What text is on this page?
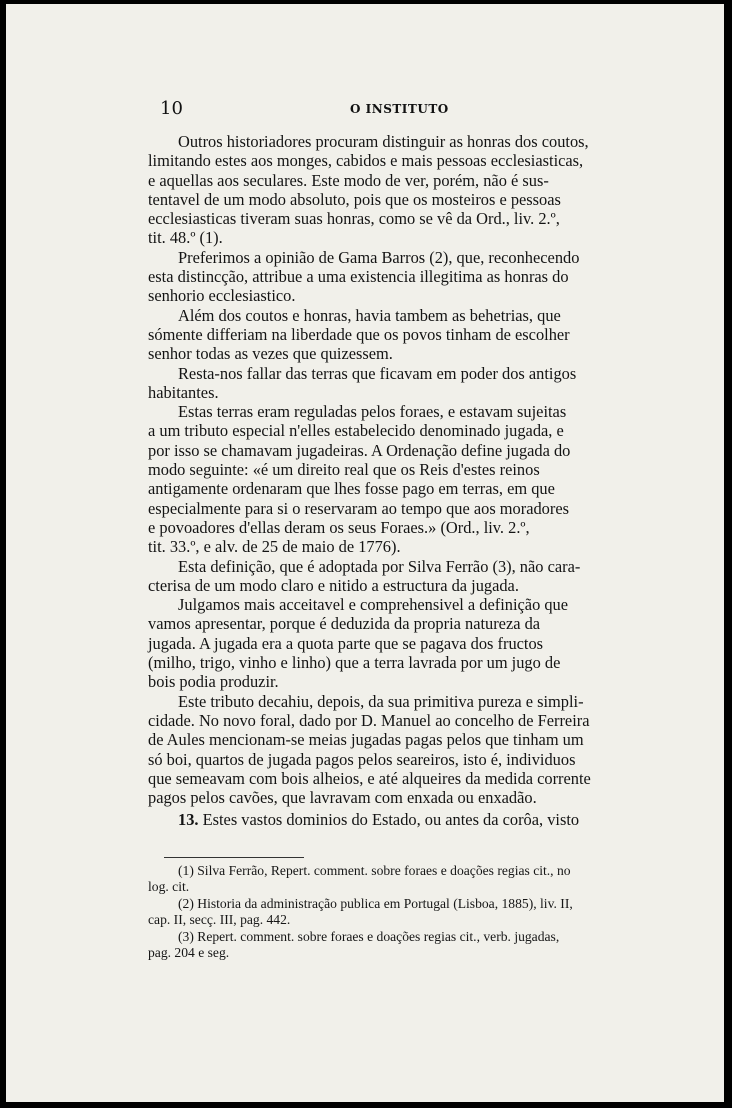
10	O INSTITUTO

Outros historiadores procuram distinguir as honras dos coutos,
limitando estes aos monges, cabidos e mais pessoas ecclesiasticas,
e aquellas aos seculares. Este modo de ver, porém, não é sus-
tentavel de um modo absoluto, pois que os mosteiros e pessoas
ecclesiasticas tiveram suas honras, como se vê da Ord., liv. 2.º,
tit. 48.º (1).

Preferimos a opinião de Gama Barros (2), que, reconhecendo
esta distincção, attribue a uma existencia illegitima as honras do
senhorio ecclesiastico.

Além dos coutos e honras, havia tambem as behetrias, que
sómente differiam na liberdade que os povos tinham de escolher
senhor todas as vezes que quizessem.

Resta-nos fallar das terras que ficavam em poder dos antigos
habitantes.

Estas terras eram reguladas pelos foraes, e estavam sujeitas
a um tributo especial n'elles estabelecido denominado jugada, e
por isso se chamavam jugadeiras. A Ordenação define jugada do
modo seguinte: «é um direito real que os Reis d'estes reinos
antigamente ordenaram que lhes fosse pago em terras, em que
especialmente para si o reservaram ao tempo que aos moradores
e povoadores d'ellas deram os seus Foraes.» (Ord., liv. 2.º,
tit. 33.º, e alv. de 25 de maio de 1776).

Esta definição, que é adoptada por Silva Ferrão (3), não cara-
cterisa de um modo claro e nitido a estructura da jugada.

Julgamos mais acceitavel e comprehensivel a definição que
vamos apresentar, porque é deduzida da propria natureza da
jugada. A jugada era a quota parte que se pagava dos fructos
(milho, trigo, vinho e linho) que a terra lavrada por um jugo de
bois podia produzir.

Este tributo decahiu, depois, da sua primitiva pureza e simpli-
cidade. No novo foral, dado por D. Manuel ao concelho de Ferreira
de Aules mencionam-se meias jugadas pagas pelos que tinham um
só boi, quartos de jugada pagos pelos seareiros, isto é, individuos
que semeavam com bois alheios, e até alqueires da medida corrente
pagos pelos cavões, que lavravam com enxada ou enxadão.

13. Estes vastos dominios do Estado, ou antes da corôa, visto

(1) Silva Ferrão, Repert. comment. sobre foraes e doações regias cit., no
log. cit.

(2) Historia da administração publica em Portugal (Lisboa, 1885), liv. II,
cap. II, secç. III, pag. 442.

(3) Repert. comment. sobre foraes e doações regias cit., verb. jugadas,
pag. 204 e seg.
